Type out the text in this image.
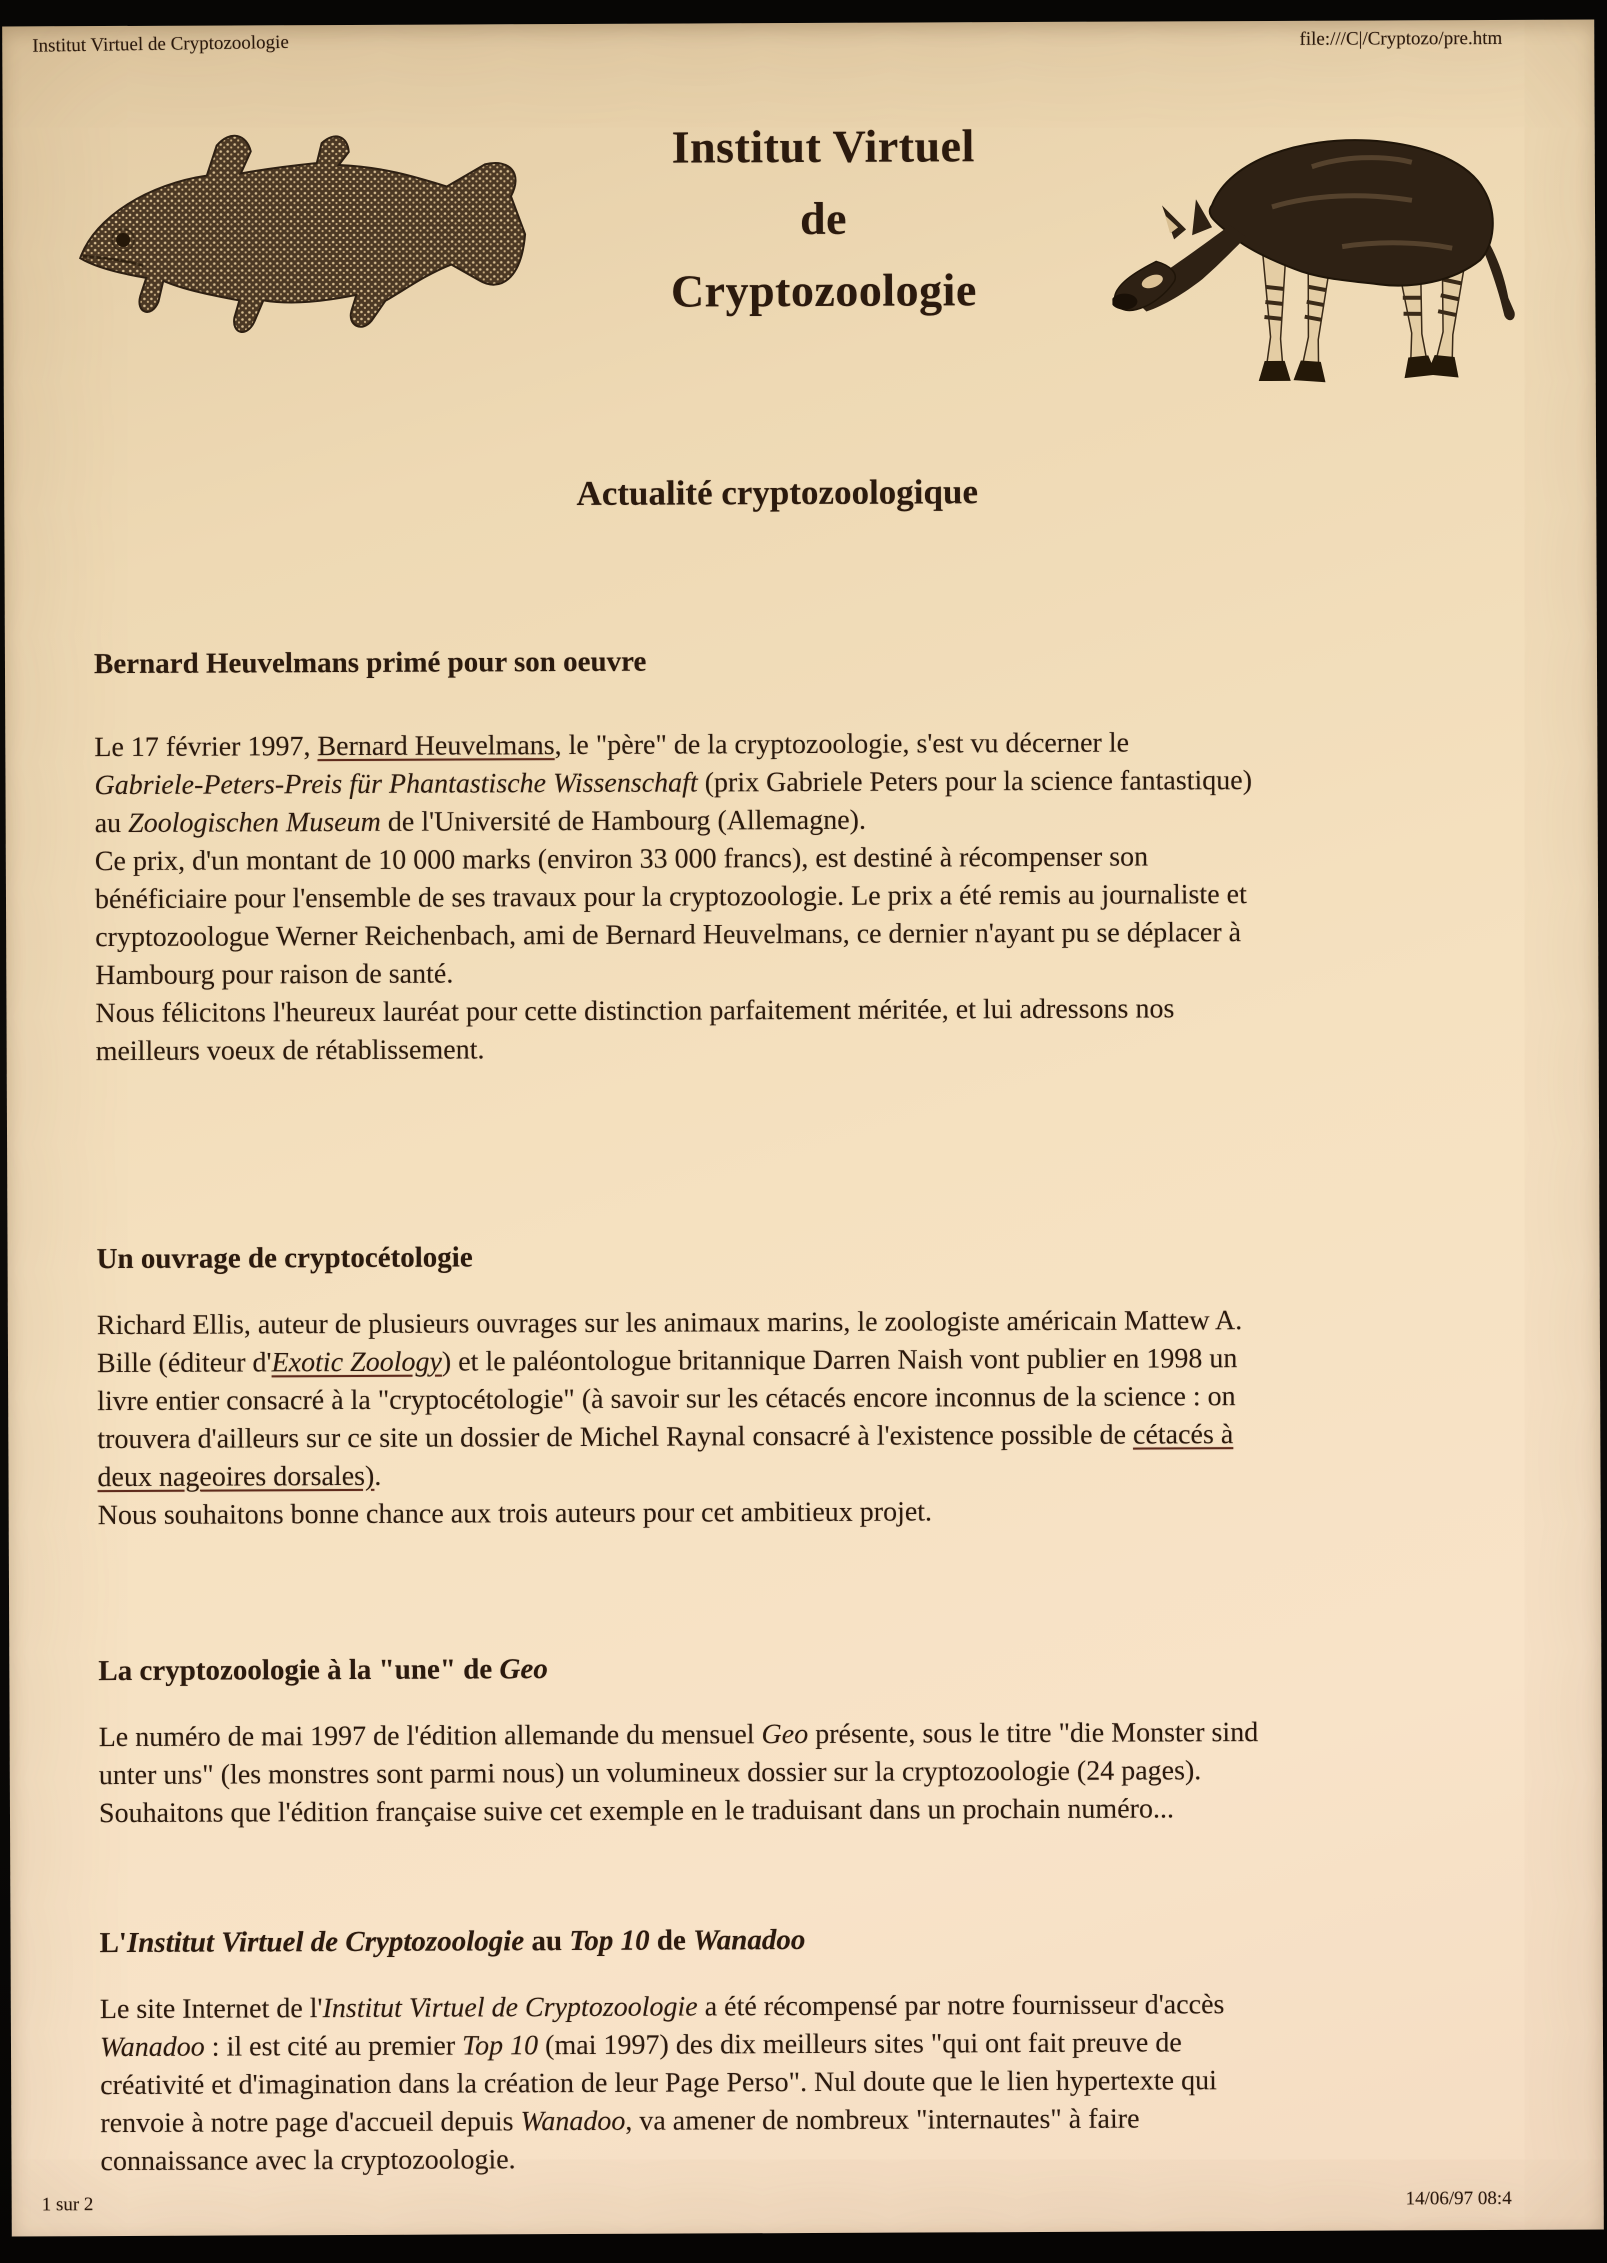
Institut Virtuel de Cryptozoologie	file:///C|/Cryptozo/pre.htm
Institut Virtuel
de
Cryptozoologie
Actualité cryptozoologique
Bernard Heuvelmans primé pour son oeuvre
Le 17 février 1997, Bernard Heuvelmans, le "père" de la cryptozoologie, s'est vu décerner le
Gabriele-Peters-Preis für Phantastische Wissenschaft (prix Gabriele Peters pour la science fantastique)
au Zoologischen Museum de l'Université de Hambourg (Allemagne).
Ce prix, d'un montant de 10 000 marks (environ 33 000 francs), est destiné à récompenser son
bénéficiaire pour l'ensemble de ses travaux pour la cryptozoologie. Le prix a été remis au journaliste et
cryptozoologue Werner Reichenbach, ami de Bernard Heuvelmans, ce dernier n'ayant pu se déplacer à
Hambourg pour raison de santé.
Nous félicitons l'heureux lauréat pour cette distinction parfaitement méritée, et lui adressons nos
meilleurs voeux de rétablissement.
Un ouvrage de cryptocétologie
Richard Ellis, auteur de plusieurs ouvrages sur les animaux marins, le zoologiste américain Mattew A.
Bille (éditeur d'Exotic Zoology) et le paléontologue britannique Darren Naish vont publier en 1998 un
livre entier consacré à la "cryptocétologie" (à savoir sur les cétacés encore inconnus de la science : on
trouvera d'ailleurs sur ce site un dossier de Michel Raynal consacré à l'existence possible de cétacés à
deux nageoires dorsales).
Nous souhaitons bonne chance aux trois auteurs pour cet ambitieux projet.
La cryptozoologie à la "une" de Geo
Le numéro de mai 1997 de l'édition allemande du mensuel Geo présente, sous le titre "die Monster sind
unter uns" (les monstres sont parmi nous) un volumineux dossier sur la cryptozoologie (24 pages).
Souhaitons que l'édition française suive cet exemple en le traduisant dans un prochain numéro...
L'Institut Virtuel de Cryptozoologie au Top 10 de Wanadoo
Le site Internet de l'Institut Virtuel de Cryptozoologie a été récompensé par notre fournisseur d'accès
Wanadoo : il est cité au premier Top 10 (mai 1997) des dix meilleurs sites "qui ont fait preuve de
créativité et d'imagination dans la création de leur Page Perso". Nul doute que le lien hypertexte qui
renvoie à notre page d'accueil depuis Wanadoo, va amener de nombreux "internautes" à faire
connaissance avec la cryptozoologie.
1 sur 2	14/06/97 08:4
